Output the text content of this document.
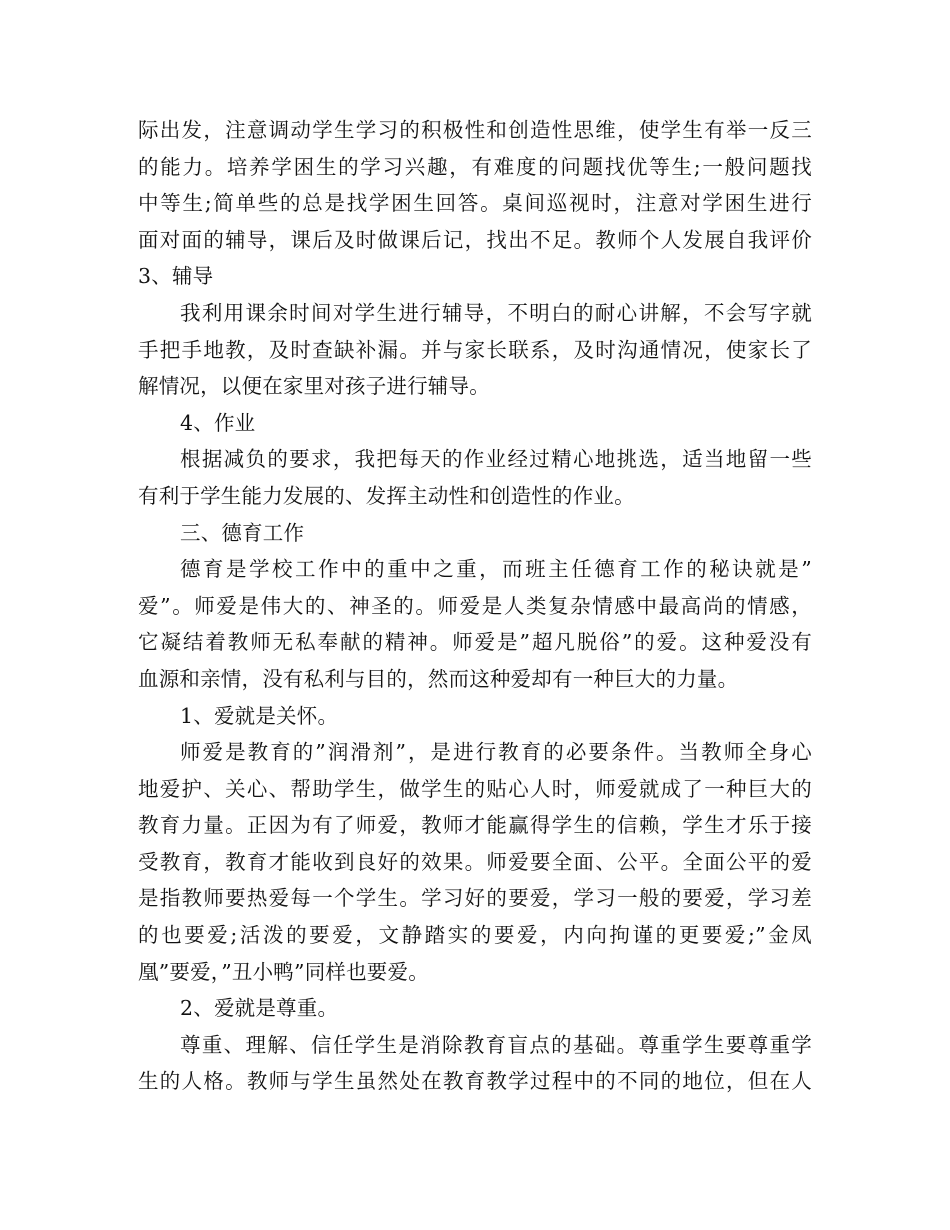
际出发，注意调动学生学习的积极性和创造性思维，使学生有举一反三
的能力。培养学困生的学习兴趣，有难度的问题找优等生;一般问题找
中等生;简单些的总是找学困生回答。桌间巡视时，注意对学困生进行
面对面的辅导，课后及时做课后记，找出不足。教师个人发展自我评价
3、辅导
我利用课余时间对学生进行辅导，不明白的耐心讲解，不会写字就
手把手地教，及时查缺补漏。并与家长联系，及时沟通情况，使家长了
解情况，以便在家里对孩子进行辅导。
4、作业
根据减负的要求，我把每天的作业经过精心地挑选，适当地留一些
有利于学生能力发展的、发挥主动性和创造性的作业。
三、德育工作
德育是学校工作中的重中之重，而班主任德育工作的秘诀就是”
爱”。师爱是伟大的、神圣的。师爱是人类复杂情感中最高尚的情感，
它凝结着教师无私奉献的精神。师爱是”超凡脱俗”的爱。这种爱没有
血源和亲情，没有私利与目的，然而这种爱却有一种巨大的力量。
1、爱就是关怀。
师爱是教育的”润滑剂”，是进行教育的必要条件。当教师全身心
地爱护、关心、帮助学生，做学生的贴心人时，师爱就成了一种巨大的
教育力量。正因为有了师爱，教师才能赢得学生的信赖，学生才乐于接
受教育，教育才能收到良好的效果。师爱要全面、公平。全面公平的爱
是指教师要热爱每一个学生。学习好的要爱，学习一般的要爱，学习差
的也要爱;活泼的要爱，文静踏实的要爱，内向拘谨的更要爱;”金凤
凰”要爱，”丑小鸭”同样也要爱。
2、爱就是尊重。
尊重、理解、信任学生是消除教育盲点的基础。尊重学生要尊重学
生的人格。教师与学生虽然处在教育教学过程中的不同的地位，但在人
